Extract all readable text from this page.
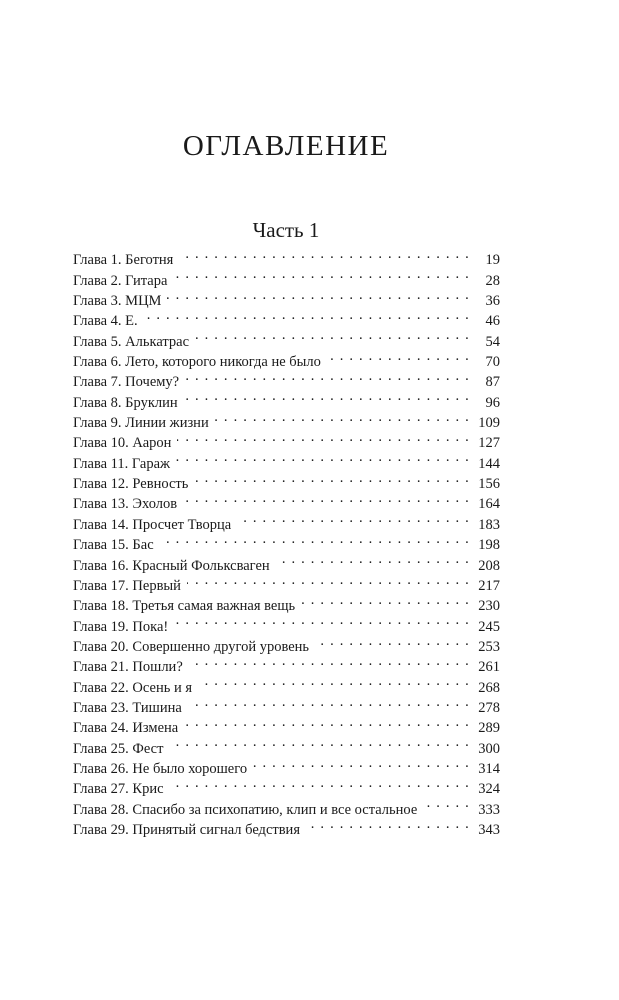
ОГЛАВЛЕНИЕ
Часть 1
Глава 1. Беготня . . .	19
Глава 2. Гитара . . .	28
Глава 3. МЦМ . . .	36
Глава 4. Е. . . .	46
Глава 5. Алькатрас . . .	54
Глава 6. Лето, которого никогда не было . . .	70
Глава 7. Почему? . . .	87
Глава 8. Бруклин . . .	96
Глава 9. Линии жизни . . .	109
Глава 10. Аарон . . .	127
Глава 11. Гараж . . .	144
Глава 12. Ревность . . .	156
Глава 13. Эхолов . . .	164
Глава 14. Просчет Творца . . .	183
Глава 15. Бас . . .	198
Глава 16. Красный Фольксваген . . .	208
Глава 17. Первый . . .	217
Глава 18. Третья самая важная вещь . . .	230
Глава 19. Пока! . . .	245
Глава 20. Совершенно другой уровень . . .	253
Глава 21. Пошли? . . .	261
Глава 22. Осень и я . . .	268
Глава 23. Тишина . . .	278
Глава 24. Измена . . .	289
Глава 25. Фест . . .	300
Глава 26. Не было хорошего . . .	314
Глава 27. Крис . . .	324
Глава 28. Спасибо за психопатию, клип и все остальное . . .	333
Глава 29. Принятый сигнал бедствия . . .	343
